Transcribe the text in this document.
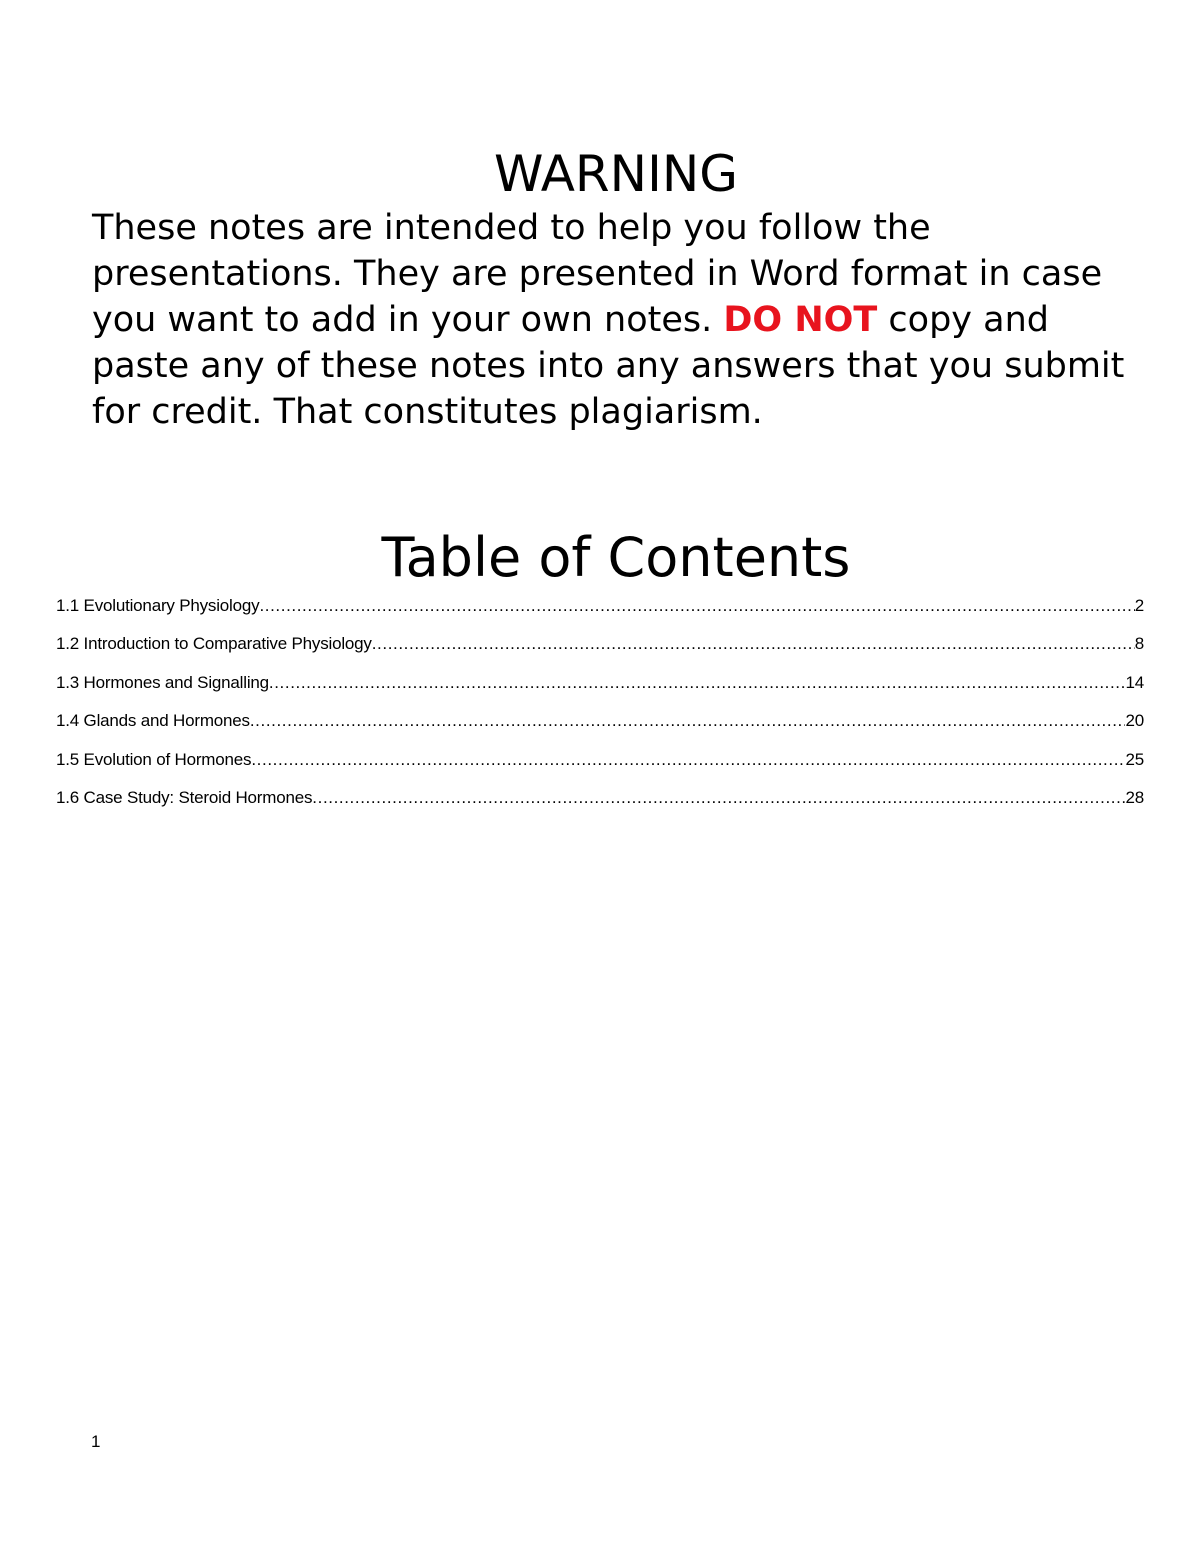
WARNING

These notes are intended to help you follow the presentations. They are presented in Word format in case you want to add in your own notes. DO NOT copy and paste any of these notes into any answers that you submit for credit. That constitutes plagiarism.

Table of Contents
1.1 Evolutionary Physiology .....	2
1.2 Introduction to Comparative Physiology .....	8
1.3 Hormones and Signalling .....	14
1.4 Glands and Hormones .....	20
1.5 Evolution of Hormones .....	25
1.6 Case Study: Steroid Hormones .....	28
1
